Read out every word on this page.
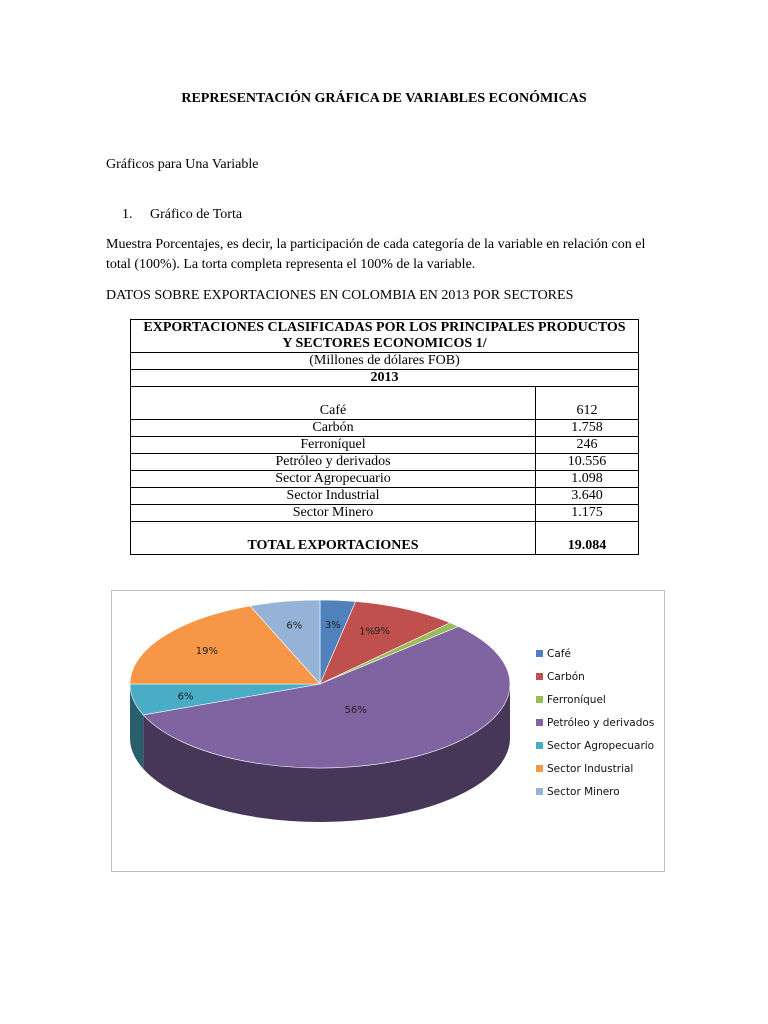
REPRESENTACIÓN GRÁFICA DE VARIABLES ECONÓMICAS
Gráficos para Una Variable
1. Gráfico de Torta
Muestra Porcentajes, es decir, la participación de cada categoría de la variable en relación con el total (100%). La torta completa representa el 100% de la variable.
DATOS SOBRE EXPORTACIONES EN COLOMBIA EN 2013 POR SECTORES
EXPORTACIONES CLASIFICADAS POR LOS PRINCIPALES PRODUCTOS	
Y SECTORES ECONOMICOS 1/	
(Millones de dólares FOB)	
2013	

Café	612
Carbón	1.758
Ferroníquel	246
Petróleo y derivados	10.556
Sector Agropecuario	1.098
Sector Industrial	3.640
Sector Minero	1.175

TOTAL EXPORTACIONES	19.084
3%
9%
1%
56%
6%
19%
6%
Café
Carbón
Ferroníquel
Petróleo y derivados
Sector Agropecuario
Sector Industrial
Sector Minero
